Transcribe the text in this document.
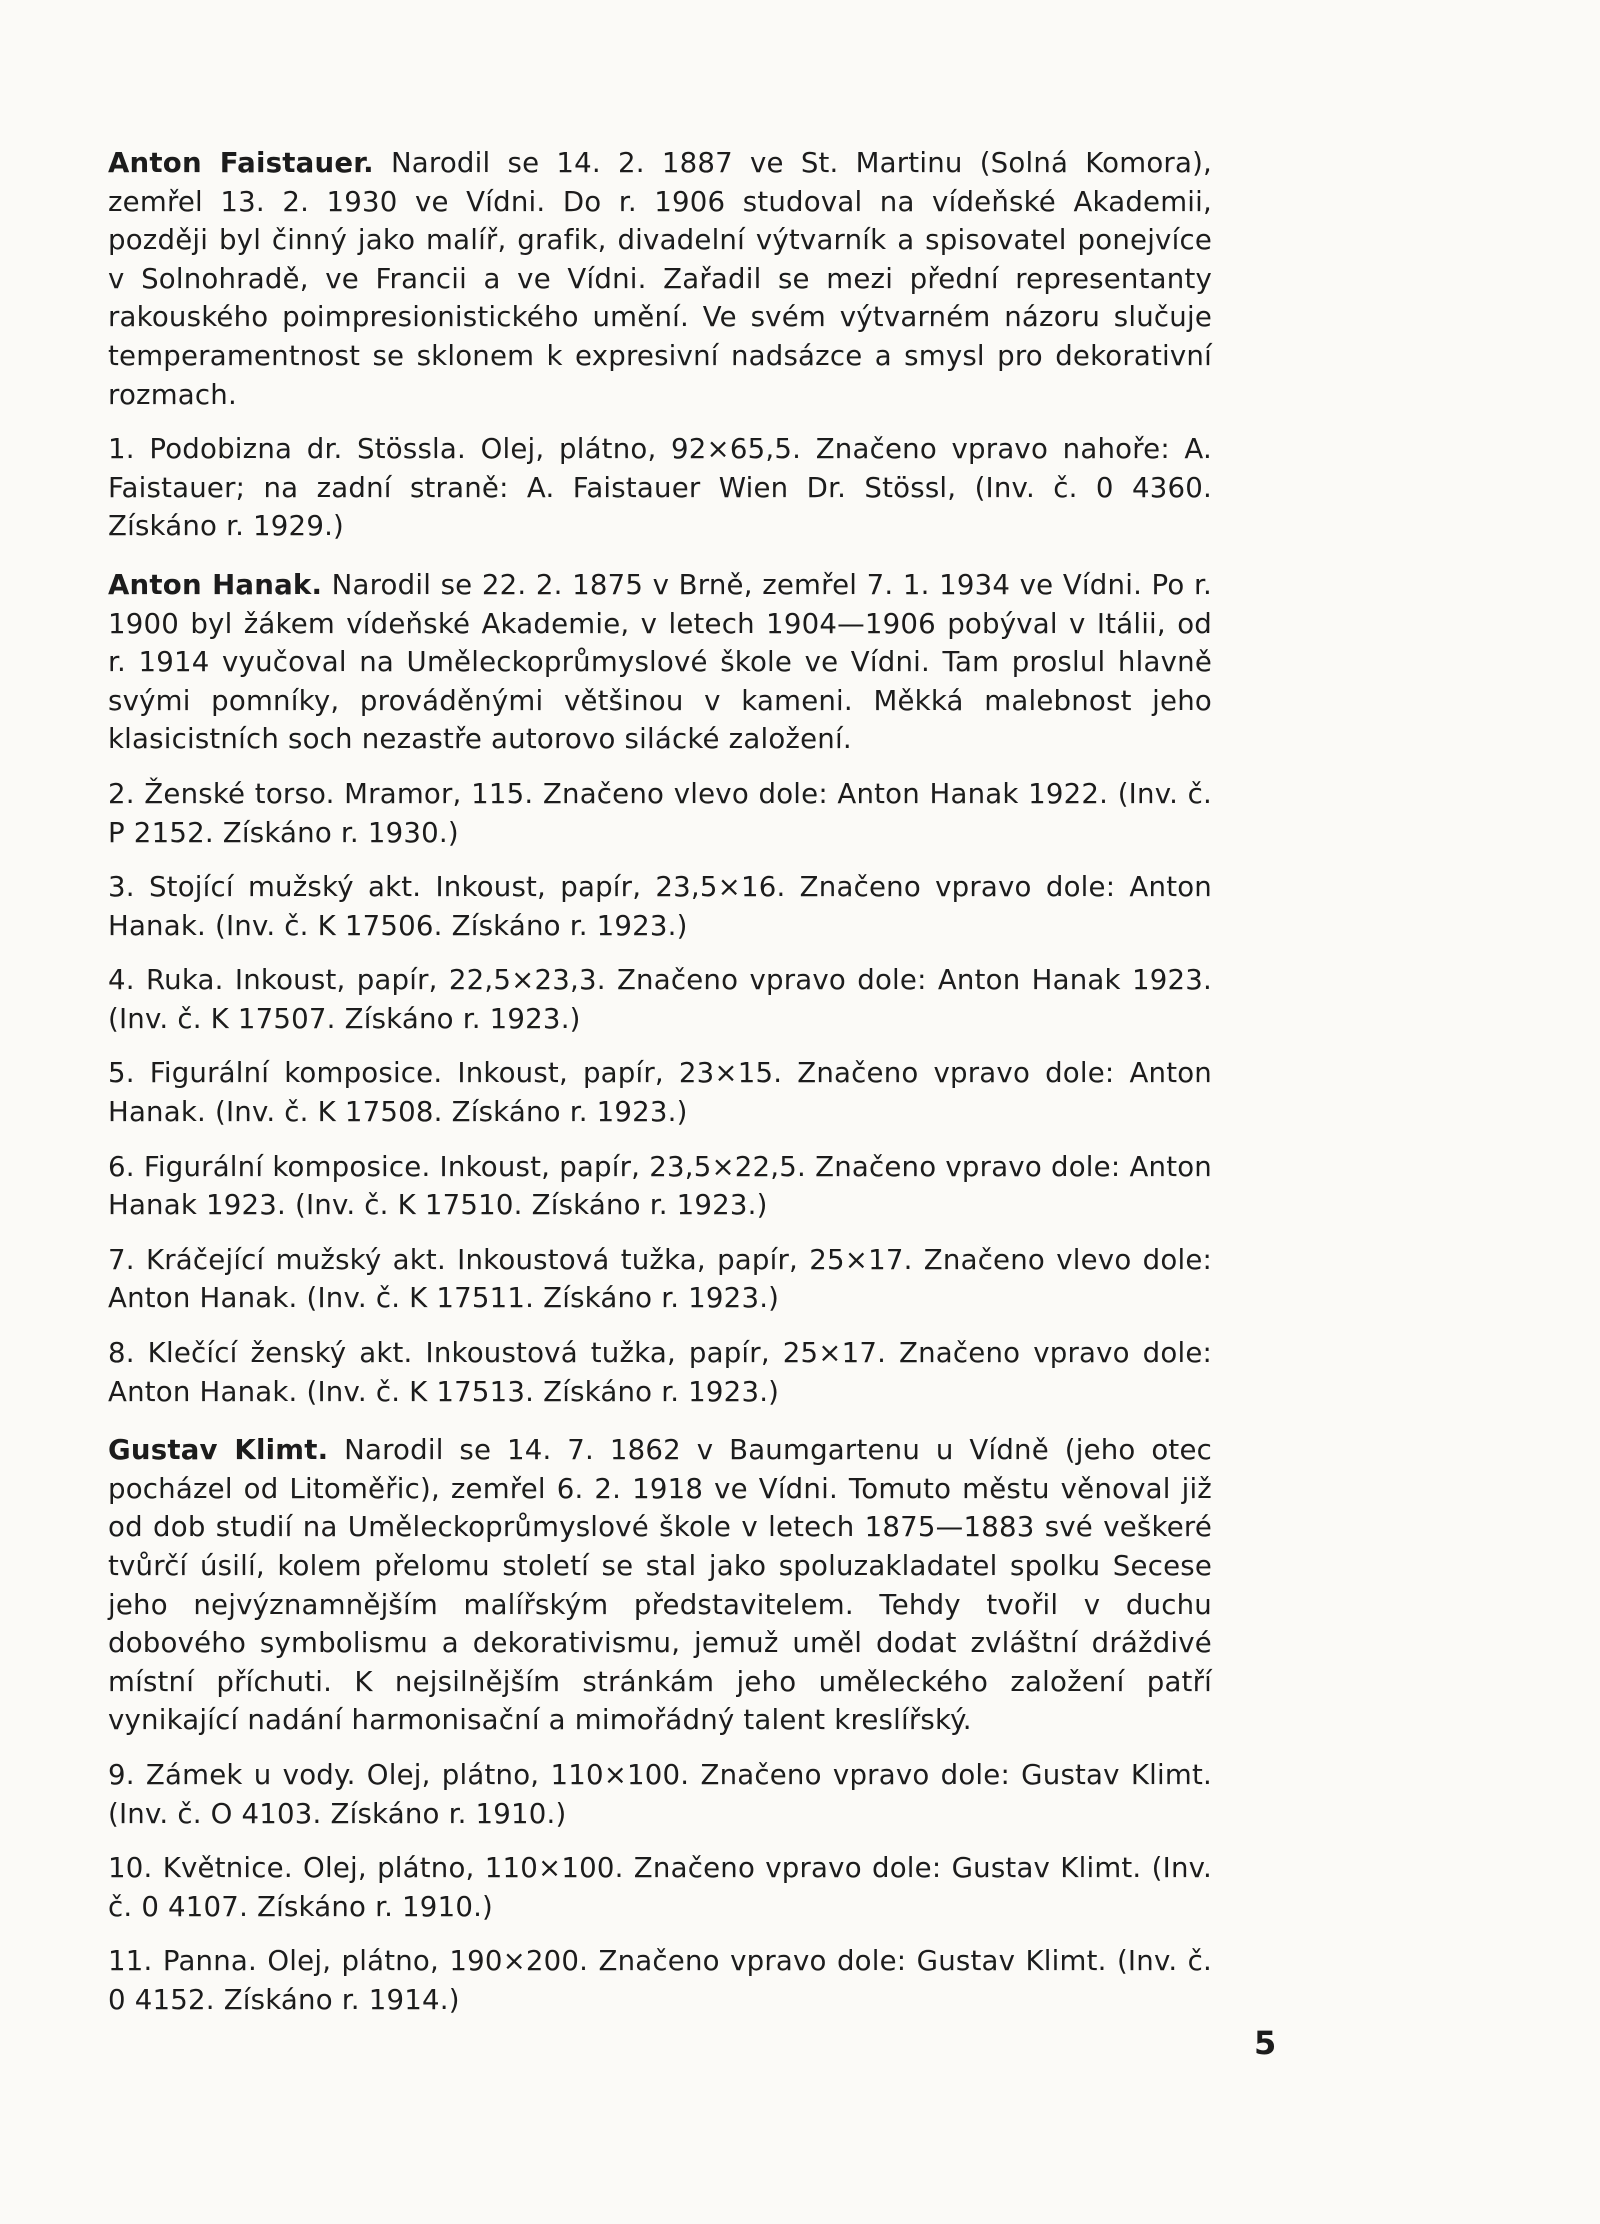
Anton Faistauer. Narodil se 14. 2. 1887 ve St. Martinu (Solná Komora), zemřel 13. 2. 1930 ve Vídni. Do r. 1906 studoval na vídeňské Akademii, později byl činný jako malíř, grafik, divadelní výtvarník a spisovatel ponejvíce v Solnohradě, ve Francii a ve Vídni. Zařadil se mezi přední representanty rakouského poimpresionistického umění. Ve svém výtvarném názoru slučuje temperamentnost se sklonem k expresivní nadsázce a smysl pro dekorativní rozmach.

1. Podobizna dr. Stössla. Olej, plátno, 92×65,5. Značeno vpravo nahoře: A. Faistauer; na zadní straně: A. Faistauer Wien Dr. Stössl, (Inv. č. 0 4360. Získáno r. 1929.)

Anton Hanak. Narodil se 22. 2. 1875 v Brně, zemřel 7. 1. 1934 ve Vídni. Po r. 1900 byl žákem vídeňské Akademie, v letech 1904—1906 pobýval v Itálii, od r. 1914 vyučoval na Uměleckoprůmyslové škole ve Vídni. Tam proslul hlavně svými pomníky, prováděnými většinou v kameni. Měkká malebnost jeho klasicistních soch nezastře autorovo silácké založení.

2. Ženské torso. Mramor, 115. Značeno vlevo dole: Anton Hanak 1922. (Inv. č. P 2152. Získáno r. 1930.)

3. Stojící mužský akt. Inkoust, papír, 23,5×16. Značeno vpravo dole: Anton Hanak. (Inv. č. K 17506. Získáno r. 1923.)

4. Ruka. Inkoust, papír, 22,5×23,3. Značeno vpravo dole: Anton Hanak 1923. (Inv. č. K 17507. Získáno r. 1923.)

5. Figurální komposice. Inkoust, papír, 23×15. Značeno vpravo dole: Anton Hanak. (Inv. č. K 17508. Získáno r. 1923.)

6. Figurální komposice. Inkoust, papír, 23,5×22,5. Značeno vpravo dole: Anton Hanak 1923. (Inv. č. K 17510. Získáno r. 1923.)

7. Kráčející mužský akt. Inkoustová tužka, papír, 25×17. Značeno vlevo dole: Anton Hanak. (Inv. č. K 17511. Získáno r. 1923.)

8. Klečící ženský akt. Inkoustová tužka, papír, 25×17. Značeno vpravo dole: Anton Hanak. (Inv. č. K 17513. Získáno r. 1923.)

Gustav Klimt. Narodil se 14. 7. 1862 v Baumgartenu u Vídně (jeho otec pocházel od Litoměřic), zemřel 6. 2. 1918 ve Vídni. Tomuto městu věnoval již od dob studií na Uměleckoprůmyslové škole v letech 1875—1883 své veškeré tvůrčí úsilí, kolem přelomu století se stal jako spoluzakladatel spolku Secese jeho nejvýznamnějším malířským představitelem. Tehdy tvořil v duchu dobového symbolismu a dekorativismu, jemuž uměl dodat zvláštní dráždivé místní příchuti. K nejsilnějším stránkám jeho uměleckého založení patří vynikající nadání harmonisační a mimořádný talent kreslířský.

9. Zámek u vody. Olej, plátno, 110×100. Značeno vpravo dole: Gustav Klimt. (Inv. č. O 4103. Získáno r. 1910.)

10. Květnice. Olej, plátno, 110×100. Značeno vpravo dole: Gustav Klimt. (Inv. č. 0 4107. Získáno r. 1910.)

11. Panna. Olej, plátno, 190×200. Značeno vpravo dole: Gustav Klimt. (Inv. č. 0 4152. Získáno r. 1914.)

5
